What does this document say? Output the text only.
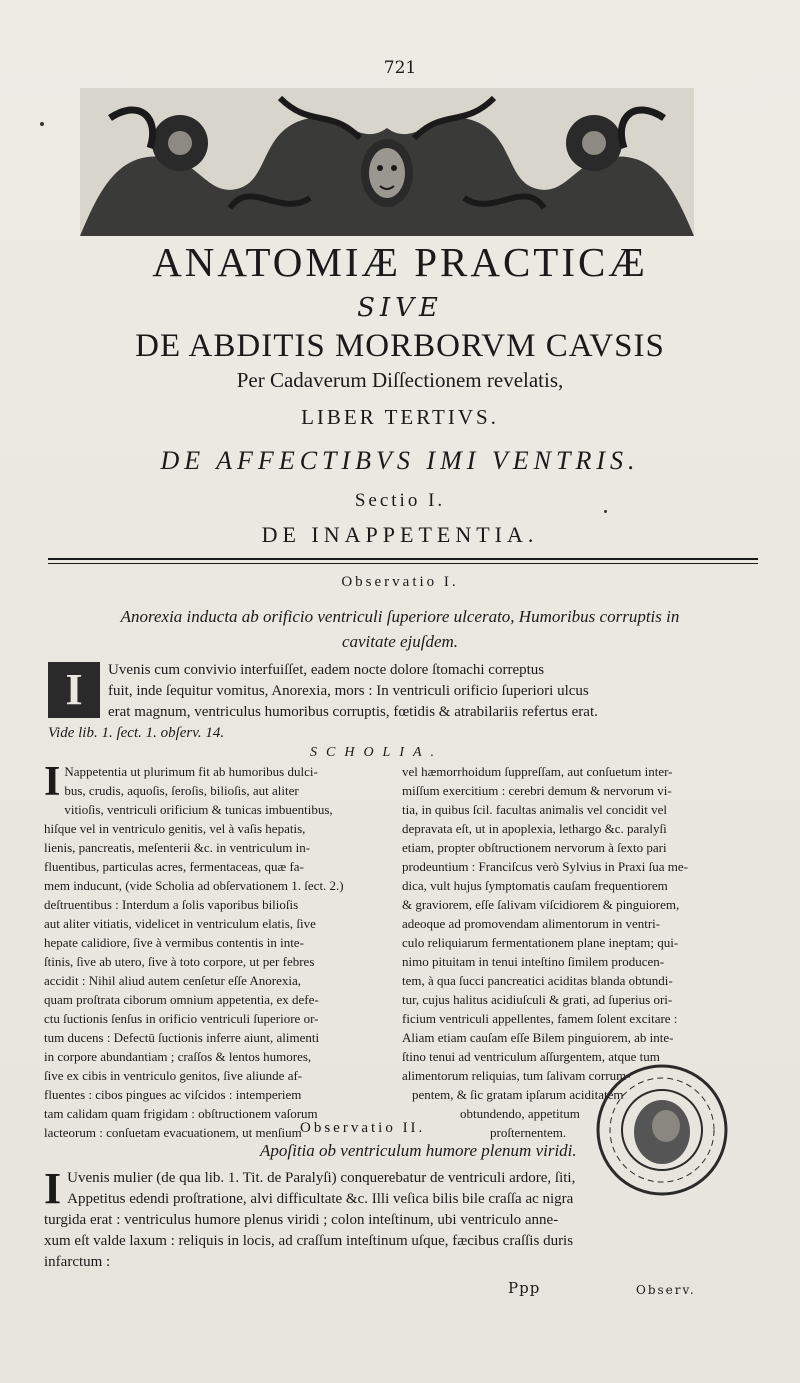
721
ANATOMIÆ PRACTICÆ
SIVE
DE ABDITIS MORBORVM CAVSIS
Per Cadaverum Diſſectionem revelatis,
LIBER TERTIVS.
DE AFFECTIBVS IMI VENTRIS.
Sectio I.
DE INAPPETENTIA.
Observatio I.
Anorexia inducta ab orificio ventriculi ſuperiore ulcerato, Humoribus corruptis in
cavitate ejuſdem.
I	Uvenis cum convivio interfuiſſet, eadem nocte dolore ſtomachi correptus
fuit, inde ſequitur vomitus, Anorexia, mors : In ventriculi orificio ſuperiori ulcus
erat magnum, ventriculus humoribus corruptis, fœtidis & atrabilariis refertus erat.
Vide lib. 1. ſect. 1. obſerv. 14.
SCHOLIA.
I Nappetentia ut plurimum fit ab humoribus dulci-
bus, crudis, aquoſis, ſeroſis, bilioſis, aut aliter
vitioſis, ventriculi orificium & tunicas imbuentibus,
hiſque vel in ventriculo genitis, vel à vaſis hepatis,
lienis, pancreatis, meſenterii &c. in ventriculum in-
fluentibus, particulas acres, fermentaceas, quæ fa-
mem inducunt, (vide Scholia ad obſervationem 1. ſect. 2.)
deſtruentibus : Interdum a ſolis vaporibus bilioſis
aut aliter vitiatis, videlicet in ventriculum elatis, ſive
hepate calidiore, ſive à vermibus contentis in inte-
ſtinis, ſive ab utero, ſive à toto corpore, ut per febres
accidit : Nihil aliud autem cenſetur eſſe Anorexia,
quam proſtrata ciborum omnium appetentia, ex defe-
ctu ſuctionis ſenſus in orificio ventriculi ſuperiore or-
tum ducens : Defectū ſuctionis inferre aiunt, alimenti
in corpore abundantiam ; craſſos & lentos humores,
ſive ex cibis in ventriculo genitos, ſive aliunde af-
fluentes : cibos pingues ac viſcidos : intemperiem
tam calidam quam frigidam : obſtructionem vaſorum
lacteorum : conſuetam evacuationem, ut menſium
vel hæmorrhoidum ſuppreſſam, aut conſuetum inter-
miſſum exercitium : cerebri demum & nervorum vi-
tia, in quibus ſcil. facultas animalis vel concidit vel
depravata eſt, ut in apoplexia, lethargo &c. paralyſi
etiam, propter obſtructionem nervorum à ſexto pari
prodeuntium : Franciſcus verò Sylvius in Praxi ſua me-
dica, vult hujus ſymptomatis cauſam frequentiorem
& graviorem, eſſe ſalivam viſcidiorem & pinguiorem,
adeoque ad promovendam alimentorum in ventri-
culo reliquiarum fermentationem plane ineptam; qui-
nimo pituitam in tenui inteſtino ſimilem producen-
tem, à qua ſucci pancreatici aciditas blanda obtundi-
tur, cujus halitus acidiuſculi & grati, ad ſuperius ori-
ficium ventriculi appellentes, famem ſolent excitare :
Aliam etiam cauſam eſſe Bilem pinguiorem, ab inte-
ſtino tenui ad ventriculum aſſurgentem, atque tum
alimentorum reliquias, tum ſalivam corrum-
pentem, & ſic gratam ipſarum aciditatem
obtundendo, appetitum
proſternentem.
Observatio II.
Apoſitia ob ventriculum humore plenum viridi.
I Uvenis mulier (de qua lib. 1. Tit. de Paralyſi) conquerebatur de ventriculi ardore, ſiti,
Appetitus edendi proſtratione, alvi difficultate &c. Illi veſica bilis bile craſſa ac nigra
turgida erat : ventriculus humore plenus viridi ; colon inteſtinum, ubi ventriculo anne-
xum eſt valde laxum : reliquis in locis, ad craſſum inteſtinum uſque, fæcibus craſſis duris
infarctum :
Ppp	Observ.
